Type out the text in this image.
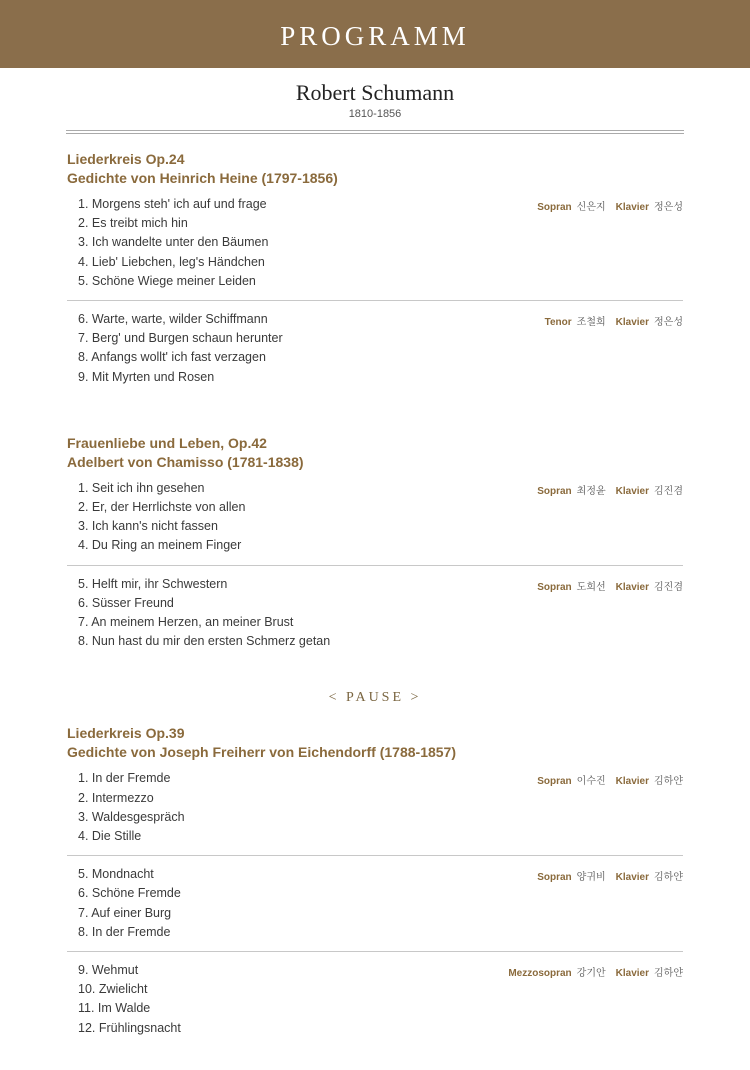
PROGRAMM
Robert Schumann
1810-1856
Liederkreis Op.24
Gedichte von Heinrich Heine (1797-1856)
1. Morgens steh' ich auf und frage
2. Es treibt mich hin
3. Ich wandelte unter den Bäumen
4. Lieb' Liebchen, leg's Händchen
5. Schöne Wiege meiner Leiden
Sopran 신은지 Klavier 정은성
6. Warte, warte, wilder Schiffmann
7. Berg' und Burgen schaun herunter
8. Anfangs wollt' ich fast verzagen
9. Mit Myrten und Rosen
Tenor 조철희 Klavier 정은성
Frauenliebe und Leben, Op.42
Adelbert von Chamisso (1781-1838)
1. Seit ich ihn gesehen
2. Er, der Herrlichste von allen
3. Ich kann's nicht fassen
4. Du Ring an meinem Finger
Sopran 최정윤 Klavier 김진겸
5. Helft mir, ihr Schwestern
6. Süsser Freund
7. An meinem Herzen, an meiner Brust
8. Nun hast du mir den ersten Schmerz getan
Sopran 도희선 Klavier 김진겸
< PAUSE >
Liederkreis Op.39
Gedichte von Joseph Freiherr von Eichendorff (1788-1857)
1. In der Fremde
2. Intermezzo
3. Waldesgespräch
4. Die Stille
Sopran 이수진 Klavier 김하얀
5. Mondnacht
6. Schöne Fremde
7. Auf einer Burg
8. In der Fremde
Sopran 양귀비 Klavier 김하얀
9. Wehmut
10. Zwielicht
11. Im Walde
12. Frühlingsnacht
Mezzosopran 강기안 Klavier 김하얀
